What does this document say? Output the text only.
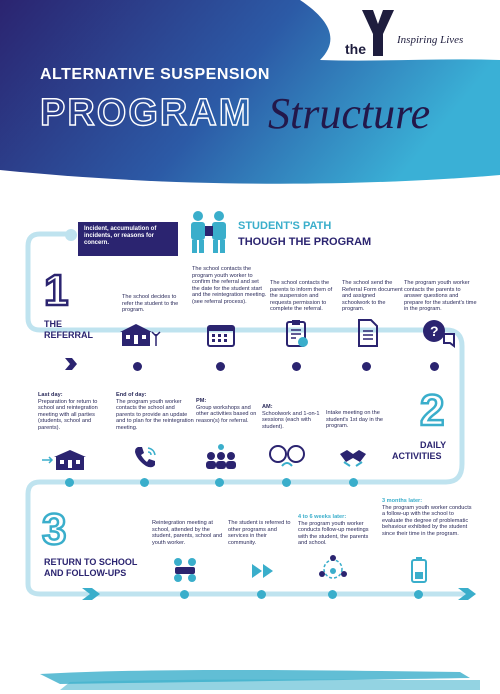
the
Inspiring Lives
ALTERNATIVE SUSPENSION
PROGRAM Structure
Incident, accumulation of incidents, or reasons for concern.
STUDENT'S PATH
THOUGH THE PROGRAM
1
THE
REFERRAL
The school decides to refer the student to the program.
The school contacts the program youth worker to confirm the referral and set the date for the student start and the reintegration meeting. (see referral process).
The school contacts the parents to inform them of the suspension and requests permission to complete the referral.
The school send the Referral Form document and assigned schoolwork to the program.
The program youth worker contacts the parents to answer questions and prepare for the student's time in the program.
?
2
DAILY
ACTIVITIES
Last day:
Preparation for return to school and reintegration meeting with all parties (students, school and parents).
End of day:
The program youth worker contacts the school and parents to provide an update and to plan for the reintegration meeting.
PM:
Group workshops and other activities based on reason(s) for referral.
AM:
Schoolwork and 1-on-1 sessions (each with student).
Intake meeting on the student's 1st day in the program.
3
RETURN TO SCHOOL
AND FOLLOW-UPS
Reintegration meeting at school, attended by the student, parents, school and youth worker.
The student is referred to other programs and services in their community.
4 to 6 weeks later:
The program youth worker conducts follow-up meetings with the student, the parents and school.
3 months later:
The program youth worker conducts a follow-up with the school to evaluate the degree of problematic behaviour exhibited by the student since their time in the program.
